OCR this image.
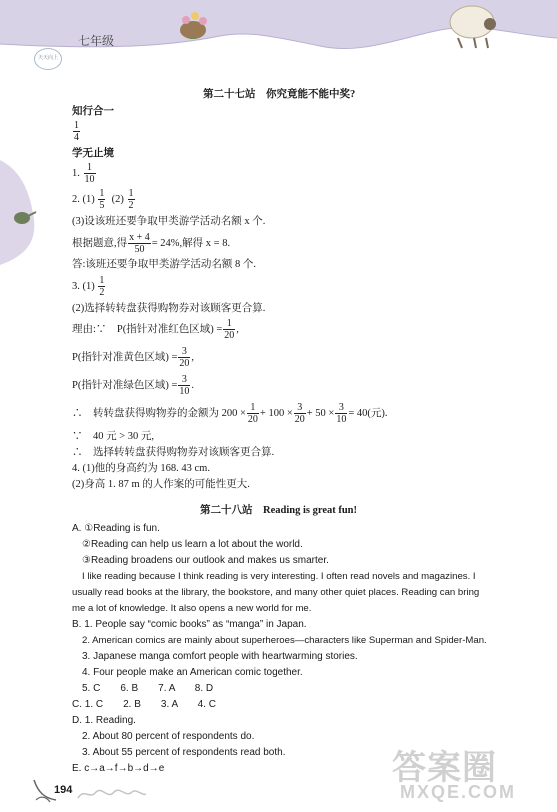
七年级
天天向上
第二十七站　你究竟能不能中奖?
知行合一
$\frac{1}{4}$
学无止境
1. $\frac{1}{10}$
2. $(1) \frac{1}{5} (2) \frac{1}{2}$
(3)设该班还要争取甲类游学活动名额 x 个.
根据题意,得 $\frac{x + 4}{50} = 24\%$,解得 x = 8.
答:该班还要争取甲类游学活动名额 8 个.
3. $(1) \frac{1}{2}$
(2)选择转转盘获得购物券对该顾客更合算.
理由:∵　P(指针对准红色区域) = $\frac{1}{20}$ ,
P(指针对准黄色区域) = $\frac{3}{20}$ ,
P(指针对准绿色区域) = $\frac{3}{10}$ .
∴　转转盘获得购物券的金额为 $200 \times \frac{1}{20} + 100 \times \frac{3}{20} + 50 \times \frac{3}{10} = 40$(元).
∵　40 元 > 30 元,
∴　选择转转盘获得购物券对该顾客更合算.
4. (1)他的身高约为 168. 43 cm.
(2)身高 1. 87 m 的人作案的可能性更大.
第二十八站　Reading is great fun!
A. ①Reading is fun.
②Reading can help us learn a lot about the world.
③Reading broadens our outlook and makes us smarter.
I like reading because I think reading is very interesting. I often read novels and magazines. I
usually read books at the library, the bookstore, and many other quiet places. Reading can bring
me a lot of knowledge. It also opens a new world for me.
B. 1. People say “comic books” as “manga” in Japan.
2. American comics are mainly about superheroes—characters like Superman and Spider-Man.
3. Japanese manga comfort people with heartwarming stories.
4. Four people make an American comic together.
5. C　　6. B　　7. A　　8. D
C. 1. C　　2. B　　3. A　　4. C
D. 1. Reading.
2. About 80 percent of respondents do.
3. About 55 percent of respondents read both.
E. c→a→f→b→d→e
194
答案圈
MXQE.COM
